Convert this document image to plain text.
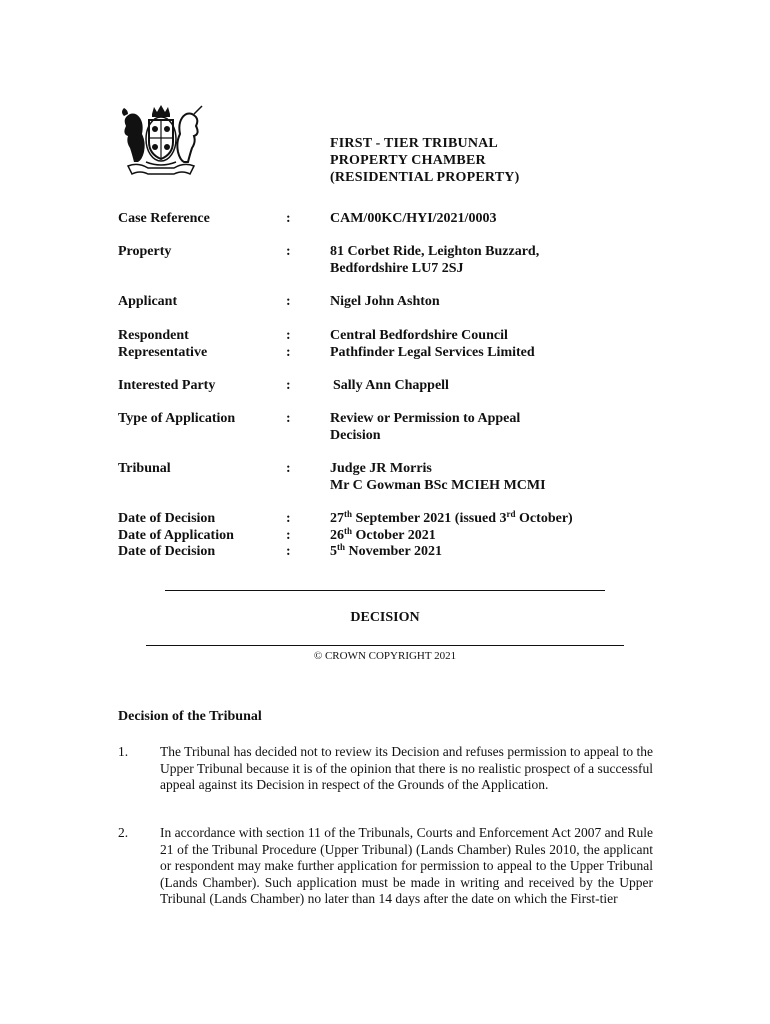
FIRST - TIER TRIBUNAL
PROPERTY CHAMBER
(RESIDENTIAL PROPERTY)
Case Reference	:	CAM/00KC/HYI/2021/0003
Property	:	81 Corbet Ride, Leighton Buzzard,
Bedfordshire LU7 2SJ
Applicant	:	Nigel John Ashton
Respondent	:	Central Bedfordshire Council
Representative	:	Pathfinder Legal Services Limited
Interested Party	:	Sally Ann Chappell
Type of Application	:	Review or Permission to Appeal
Decision
Tribunal	:	Judge JR Morris
Mr C Gowman BSc MCIEH MCMI
Date of Decision	:	27th September 2021 (issued 3rd October)
Date of Application	:	26th October 2021
Date of Decision	:	5th November 2021
DECISION
© CROWN COPYRIGHT 2021
Decision of the Tribunal
1. The Tribunal has decided not to review its Decision and refuses permission to appeal to the Upper Tribunal because it is of the opinion that there is no realistic prospect of a successful appeal against its Decision in respect of the Grounds of the Application.
2. In accordance with section 11 of the Tribunals, Courts and Enforcement Act 2007 and Rule 21 of the Tribunal Procedure (Upper Tribunal) (Lands Chamber) Rules 2010, the applicant or respondent may make further application for permission to appeal to the Upper Tribunal (Lands Chamber). Such application must be made in writing and received by the Upper Tribunal (Lands Chamber) no later than 14 days after the date on which the First-tier
